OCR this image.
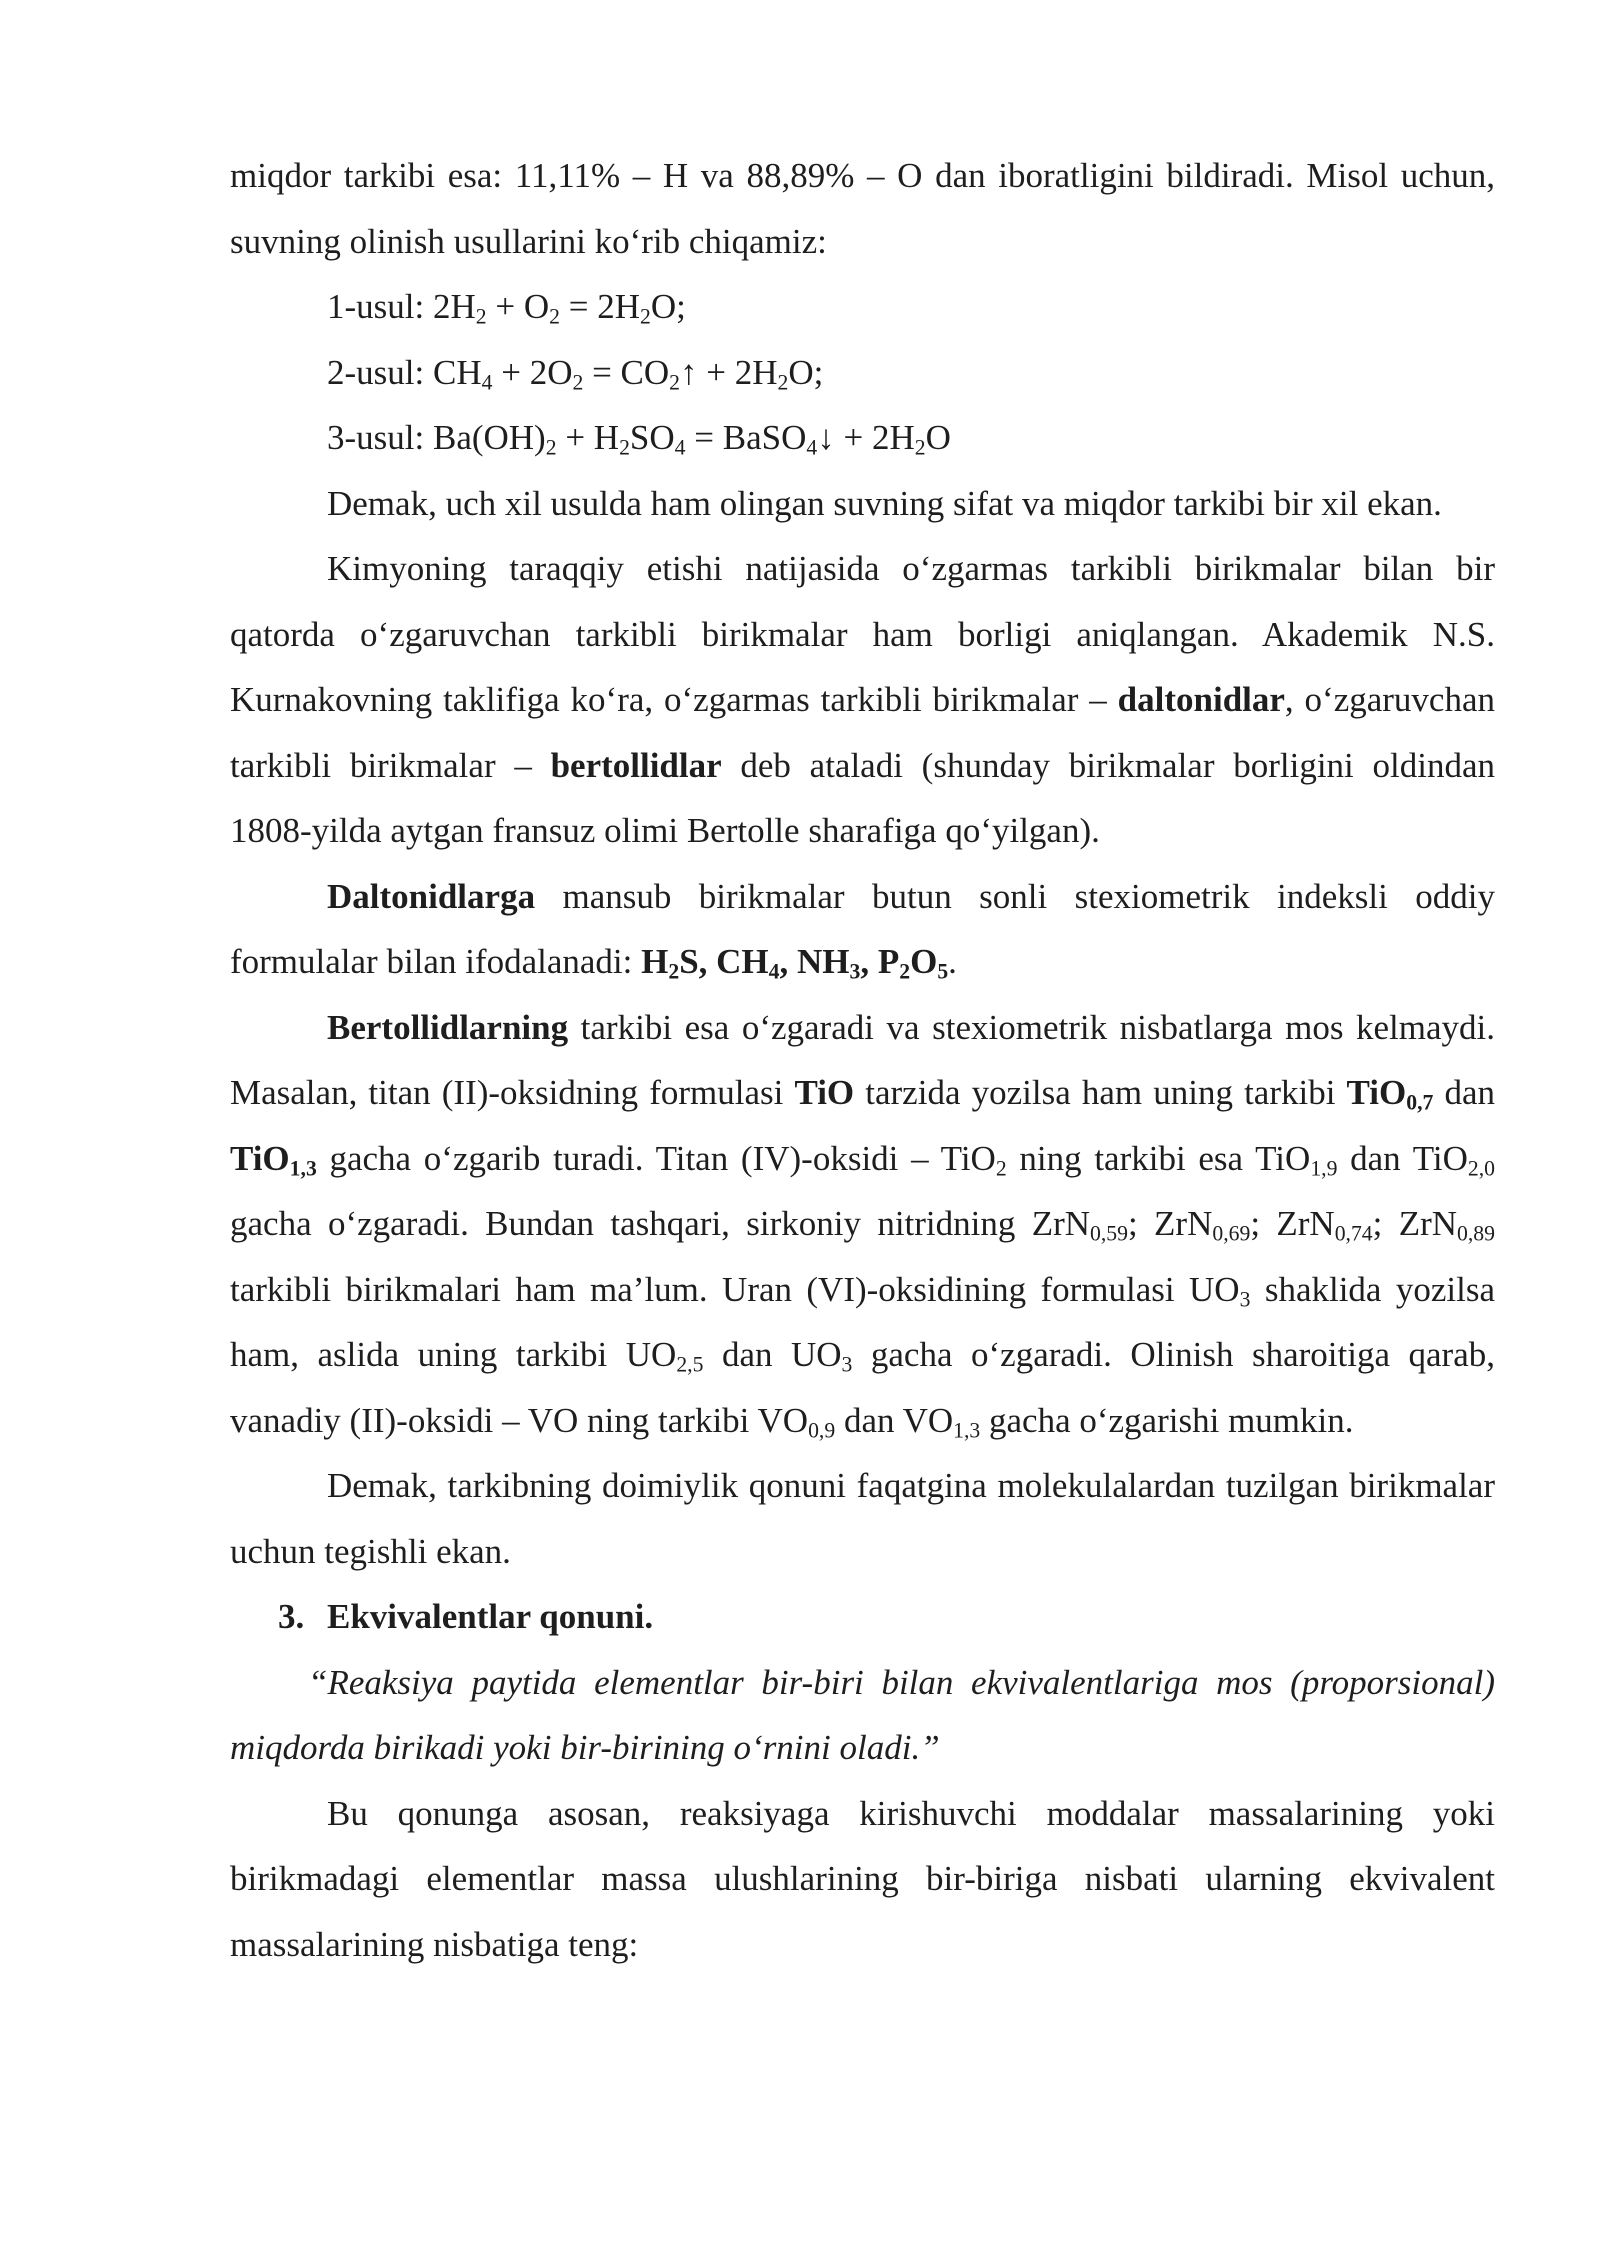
miqdor tarkibi esa: 11,11% – H va 88,89% – O dan iboratligini bildiradi. Misol uchun, suvning olinish usullarini ko‘rib chiqamiz:

1-usul: $2H_2 + O_2 = 2H_2O$;

2-usul: $CH_4 + 2O_2$ = $CO_2↑ + 2H_2O$;

3-usul: $Ba(OH)_2 + H_2SO_4$ = BaSO$_4$↓ + $2H_2O$

Demak, uch xil usulda ham olingan suvning sifat va miqdor tarkibi bir xil ekan.

Kimyoning taraqqiy etishi natijasida o‘zgarmas tarkibli birikmalar bilan bir qatorda o‘zgaruvchan tarkibli birikmalar ham borligi aniqlangan. Akademik N.S. Kurnakovning taklifiga ko‘ra, o‘zgarmas tarkibli birikmalar – daltonidlar, o‘zgaruvchan tarkibli birikmalar – bertollidlar deb ataladi (shunday birikmalar borligini oldindan 1808-yilda aytgan fransuz olimi Bertolle sharafiga qo‘yilgan).

Daltonidlarga mansub birikmalar butun sonli stexiometrik indeksli oddiy formulalar bilan ifodalanadi: $H_2S$, $CH_4$, $NH_3$, $P_2O_5$.

Bertollidlarning tarkibi esa o‘zgaradi va stexiometrik nisbatlarga mos kelmaydi. Masalan, titan (II)-oksidning formulasi TiO tarzida yozilsa ham uning tarkibi TiO$_{0,7}$ dan TiO$_{1,3}$ gacha o‘zgarib turadi. Titan (IV)-oksidi – TiO$_2$ ning tarkibi esa TiO$_{1,9}$ dan TiO$_{2,0}$ gacha o‘zgaradi. Bundan tashqari, sirkoniy nitridning ZrN$_{0,59}$; ZrN$_{0,69}$; ZrN$_{0,74}$; ZrN$_{0,89}$ tarkibli birikmalari ham ma’lum. Uran (VI)-oksidining formulasi $UO_3$ shaklida yozilsa ham, aslida uning tarkibi $UO_{2,5}$ dan $UO_3$ gacha o‘zgaradi. Olinish sharoitiga qarab, vanadiy (II)-oksidi – VO ning tarkibi $VO_{0,9}$ dan $VO_{1,3}$ gacha o‘zgarishi mumkin.

Demak, tarkibning doimiylik qonuni faqatgina molekulalardan tuzilgan birikmalar uchun tegishli ekan.

3. Ekvivalentlar qonuni.

“Reaksiya paytida elementlar bir-biri bilan ekvivalentlariga mos (proporsional) miqdorda birikadi yoki bir-birining o‘rnini oladi.”

Bu qonunga asosan, reaksiyaga kirishuvchi moddalar massalarining yoki birikmadagi elementlar massa ulushlarining bir-biriga nisbati ularning ekvivalent massalarining nisbatiga teng:
